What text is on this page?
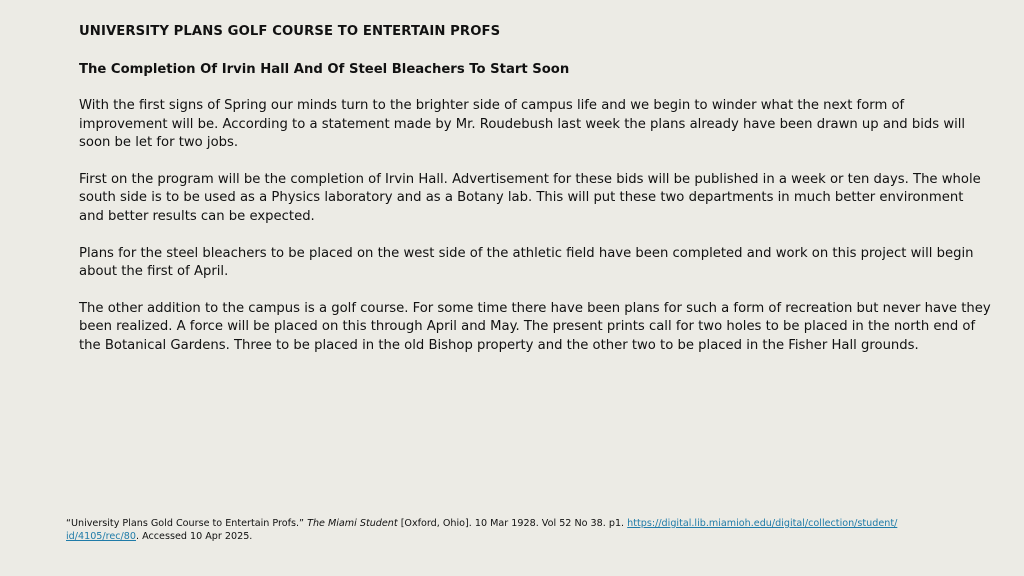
UNIVERSITY PLANS GOLF COURSE TO ENTERTAIN PROFS
The Completion Of Irvin Hall And Of Steel Bleachers To Start Soon

With the first signs of Spring our minds turn to the brighter side of campus life and we begin to winder what the next form of improvement will be. According to a statement made by Mr. Roudebush last week the plans already have been drawn up and bids will soon be let for two jobs.

First on the program will be the completion of Irvin Hall. Advertisement for these bids will be published in a week or ten days. The whole south side is to be used as a Physics laboratory and as a Botany lab. This will put these two departments in much better environment and better results can be expected.

Plans for the steel bleachers to be placed on the west side of the athletic field have been completed and work on this project will begin about the first of April.

The other addition to the campus is a golf course. For some time there have been plans for such a form of recreation but never have they been realized. A force will be placed on this through April and May. The present prints call for two holes to be placed in the north end of the Botanical Gardens. Three to be placed in the old Bishop property and the other two to be placed in the Fisher Hall grounds.

“University Plans Gold Course to Entertain Profs.” The Miami Student [Oxford, Ohio]. 10 Mar 1928. Vol 52 No 38. p1. https://digital.lib.miamioh.edu/digital/collection/student/
id/4105/rec/80. Accessed 10 Apr 2025.
